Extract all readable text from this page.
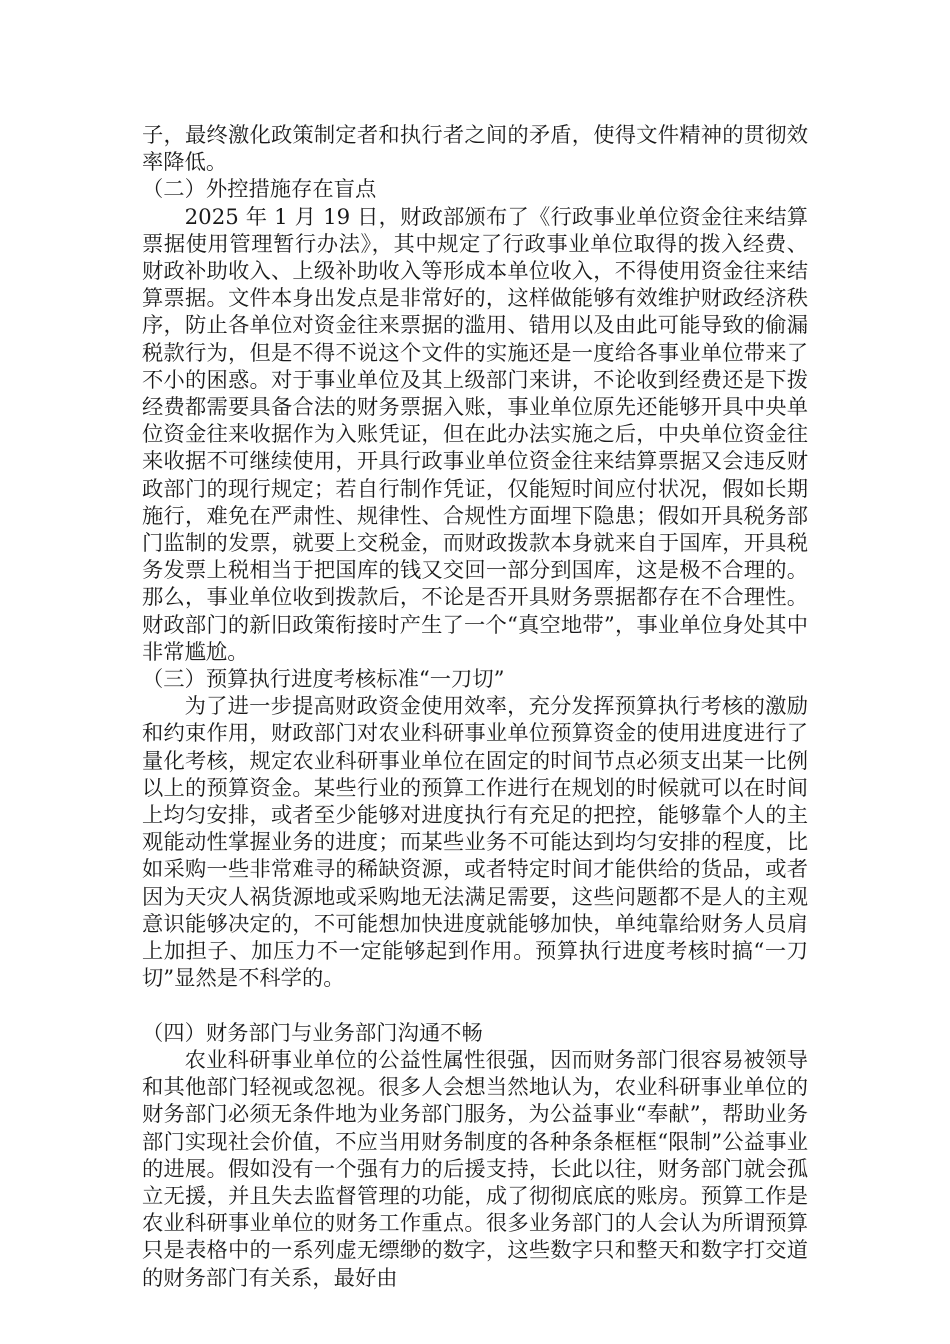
子，最终激化政策制定者和执行者之间的矛盾，使得文件精神的贯彻效率降低。

（二）外控措施存在盲点

2025 年 1 月 19 日，财政部颁布了《行政事业单位资金往来结算票据使用管理暂行办法》，其中规定了行政事业单位取得的拨入经费、财政补助收入、上级补助收入等形成本单位收入，不得使用资金往来结算票据。文件本身出发点是非常好的，这样做能够有效维护财政经济秩序，防止各单位对资金往来票据的滥用、错用以及由此可能导致的偷漏税款行为，但是不得不说这个文件的实施还是一度给各事业单位带来了不小的困惑。对于事业单位及其上级部门来讲，不论收到经费还是下拨经费都需要具备合法的财务票据入账，事业单位原先还能够开具中央单位资金往来收据作为入账凭证，但在此办法实施之后，中央单位资金往来收据不可继续使用，开具行政事业单位资金往来结算票据又会违反财政部门的现行规定；若自行制作凭证，仅能短时间应付状况，假如长期施行，难免在严肃性、规律性、合规性方面埋下隐患；假如开具税务部门监制的发票，就要上交税金，而财政拨款本身就来自于国库，开具税务发票上税相当于把国库的钱又交回一部分到国库，这是极不合理的。那么，事业单位收到拨款后，不论是否开具财务票据都存在不合理性。财政部门的新旧政策衔接时产生了一个“真空地带”，事业单位身处其中非常尴尬。

（三）预算执行进度考核标准“一刀切”

为了进一步提高财政资金使用效率，充分发挥预算执行考核的激励和约束作用，财政部门对农业科研事业单位预算资金的使用进度进行了量化考核，规定农业科研事业单位在固定的时间节点必须支出某一比例以上的预算资金。某些行业的预算工作进行在规划的时候就可以在时间上均匀安排，或者至少能够对进度执行有充足的把控，能够靠个人的主观能动性掌握业务的进度；而某些业务不可能达到均匀安排的程度，比如采购一些非常难寻的稀缺资源，或者特定时间才能供给的货品，或者因为天灾人祸货源地或采购地无法满足需要，这些问题都不是人的主观意识能够决定的，不可能想加快进度就能够加快，单纯靠给财务人员肩上加担子、加压力不一定能够起到作用。预算执行进度考核时搞“一刀切”显然是不科学的。

（四）财务部门与业务部门沟通不畅

农业科研事业单位的公益性属性很强，因而财务部门很容易被领导和其他部门轻视或忽视。很多人会想当然地认为，农业科研事业单位的财务部门必须无条件地为业务部门服务，为公益事业“奉献”，帮助业务部门实现社会价值，不应当用财务制度的各种条条框框“限制”公益事业的进展。假如没有一个强有力的后援支持，长此以往，财务部门就会孤立无援，并且失去监督管理的功能，成了彻彻底底的账房。预算工作是农业科研事业单位的财务工作重点。很多业务部门的人会认为所谓预算只是表格中的一系列虚无缥缈的数字，这些数字只和整天和数字打交道的财务部门有关系，最好由
